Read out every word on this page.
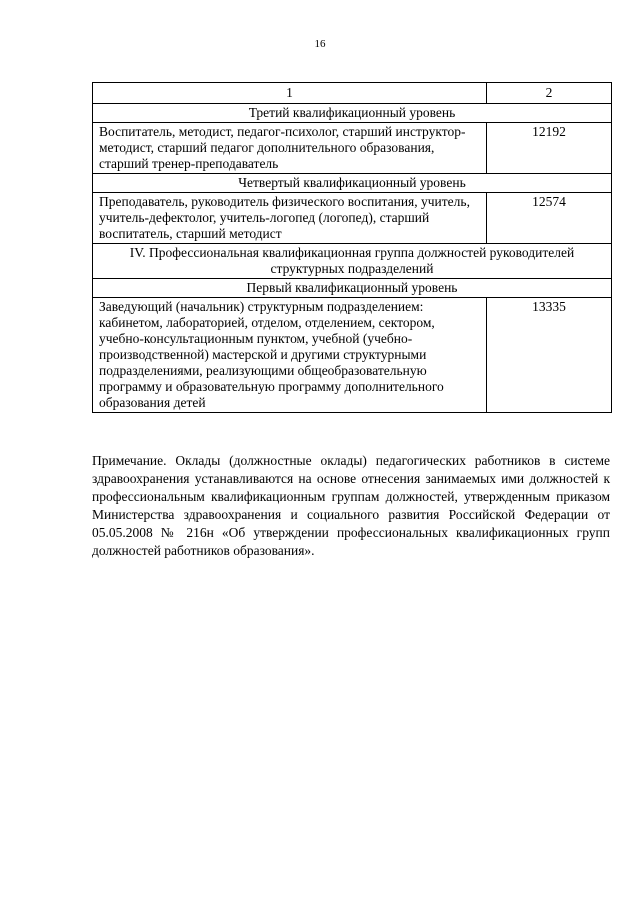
16
1	2
Третий квалификационный уровень	
Воспитатель, методист, педагог-психолог, старший инструктор-методист, старший педагог дополнительного образования, старший тренер-преподаватель	12192
Четвертый квалификационный уровень	
Преподаватель, руководитель физического воспитания, учитель, учитель-дефектолог, учитель-логопед (логопед), старший воспитатель, старший методист	12574
IV. Профессиональная квалификационная группа должностей руководителей структурных подразделений	
Первый квалификационный уровень	
Заведующий (начальник) структурным подразделением: кабинетом, лабораторией, отделом, отделением, сектором, учебно-консультационным пунктом, учебной (учебно-производственной) мастерской и другими структурными подразделениями, реализующими общеобразовательную программу и образовательную программу дополнительного образования детей	13335
Примечание. Оклады (должностные оклады) педагогических работников в системе здравоохранения устанавливаются на основе отнесения занимаемых ими должностей к профессиональным квалификационным группам должностей, утвержденным приказом Министерства здравоохранения и социального развития Российской Федерации от 05.05.2008 № 216н «Об утверждении профессиональных квалификационных групп должностей работников образования».
